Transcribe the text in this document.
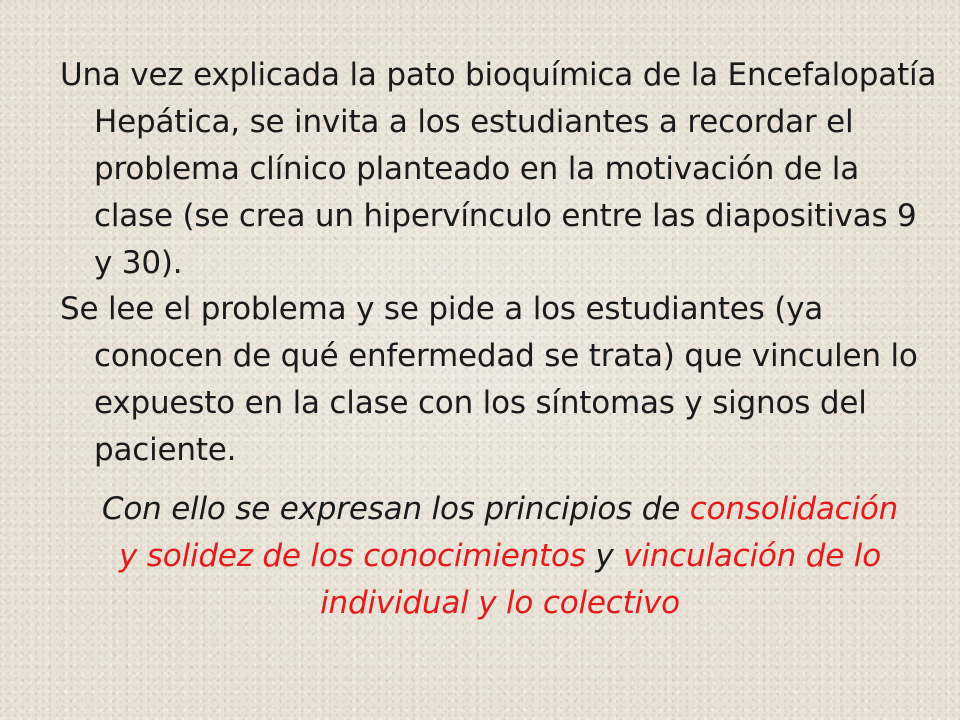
Una vez explicada la pato bioquímica de la Encefalopatía Hepática, se invita a los estudiantes a recordar el problema clínico planteado en la motivación de la clase (se crea un hipervínculo entre las diapositivas 9 y 30).

Se lee el problema y se pide a los estudiantes (ya conocen de qué enfermedad se trata) que vinculen lo expuesto en la clase con los síntomas y signos del paciente.

Con ello se expresan los principios de consolidación y solidez de los conocimientos y vinculación de lo individual y lo colectivo
